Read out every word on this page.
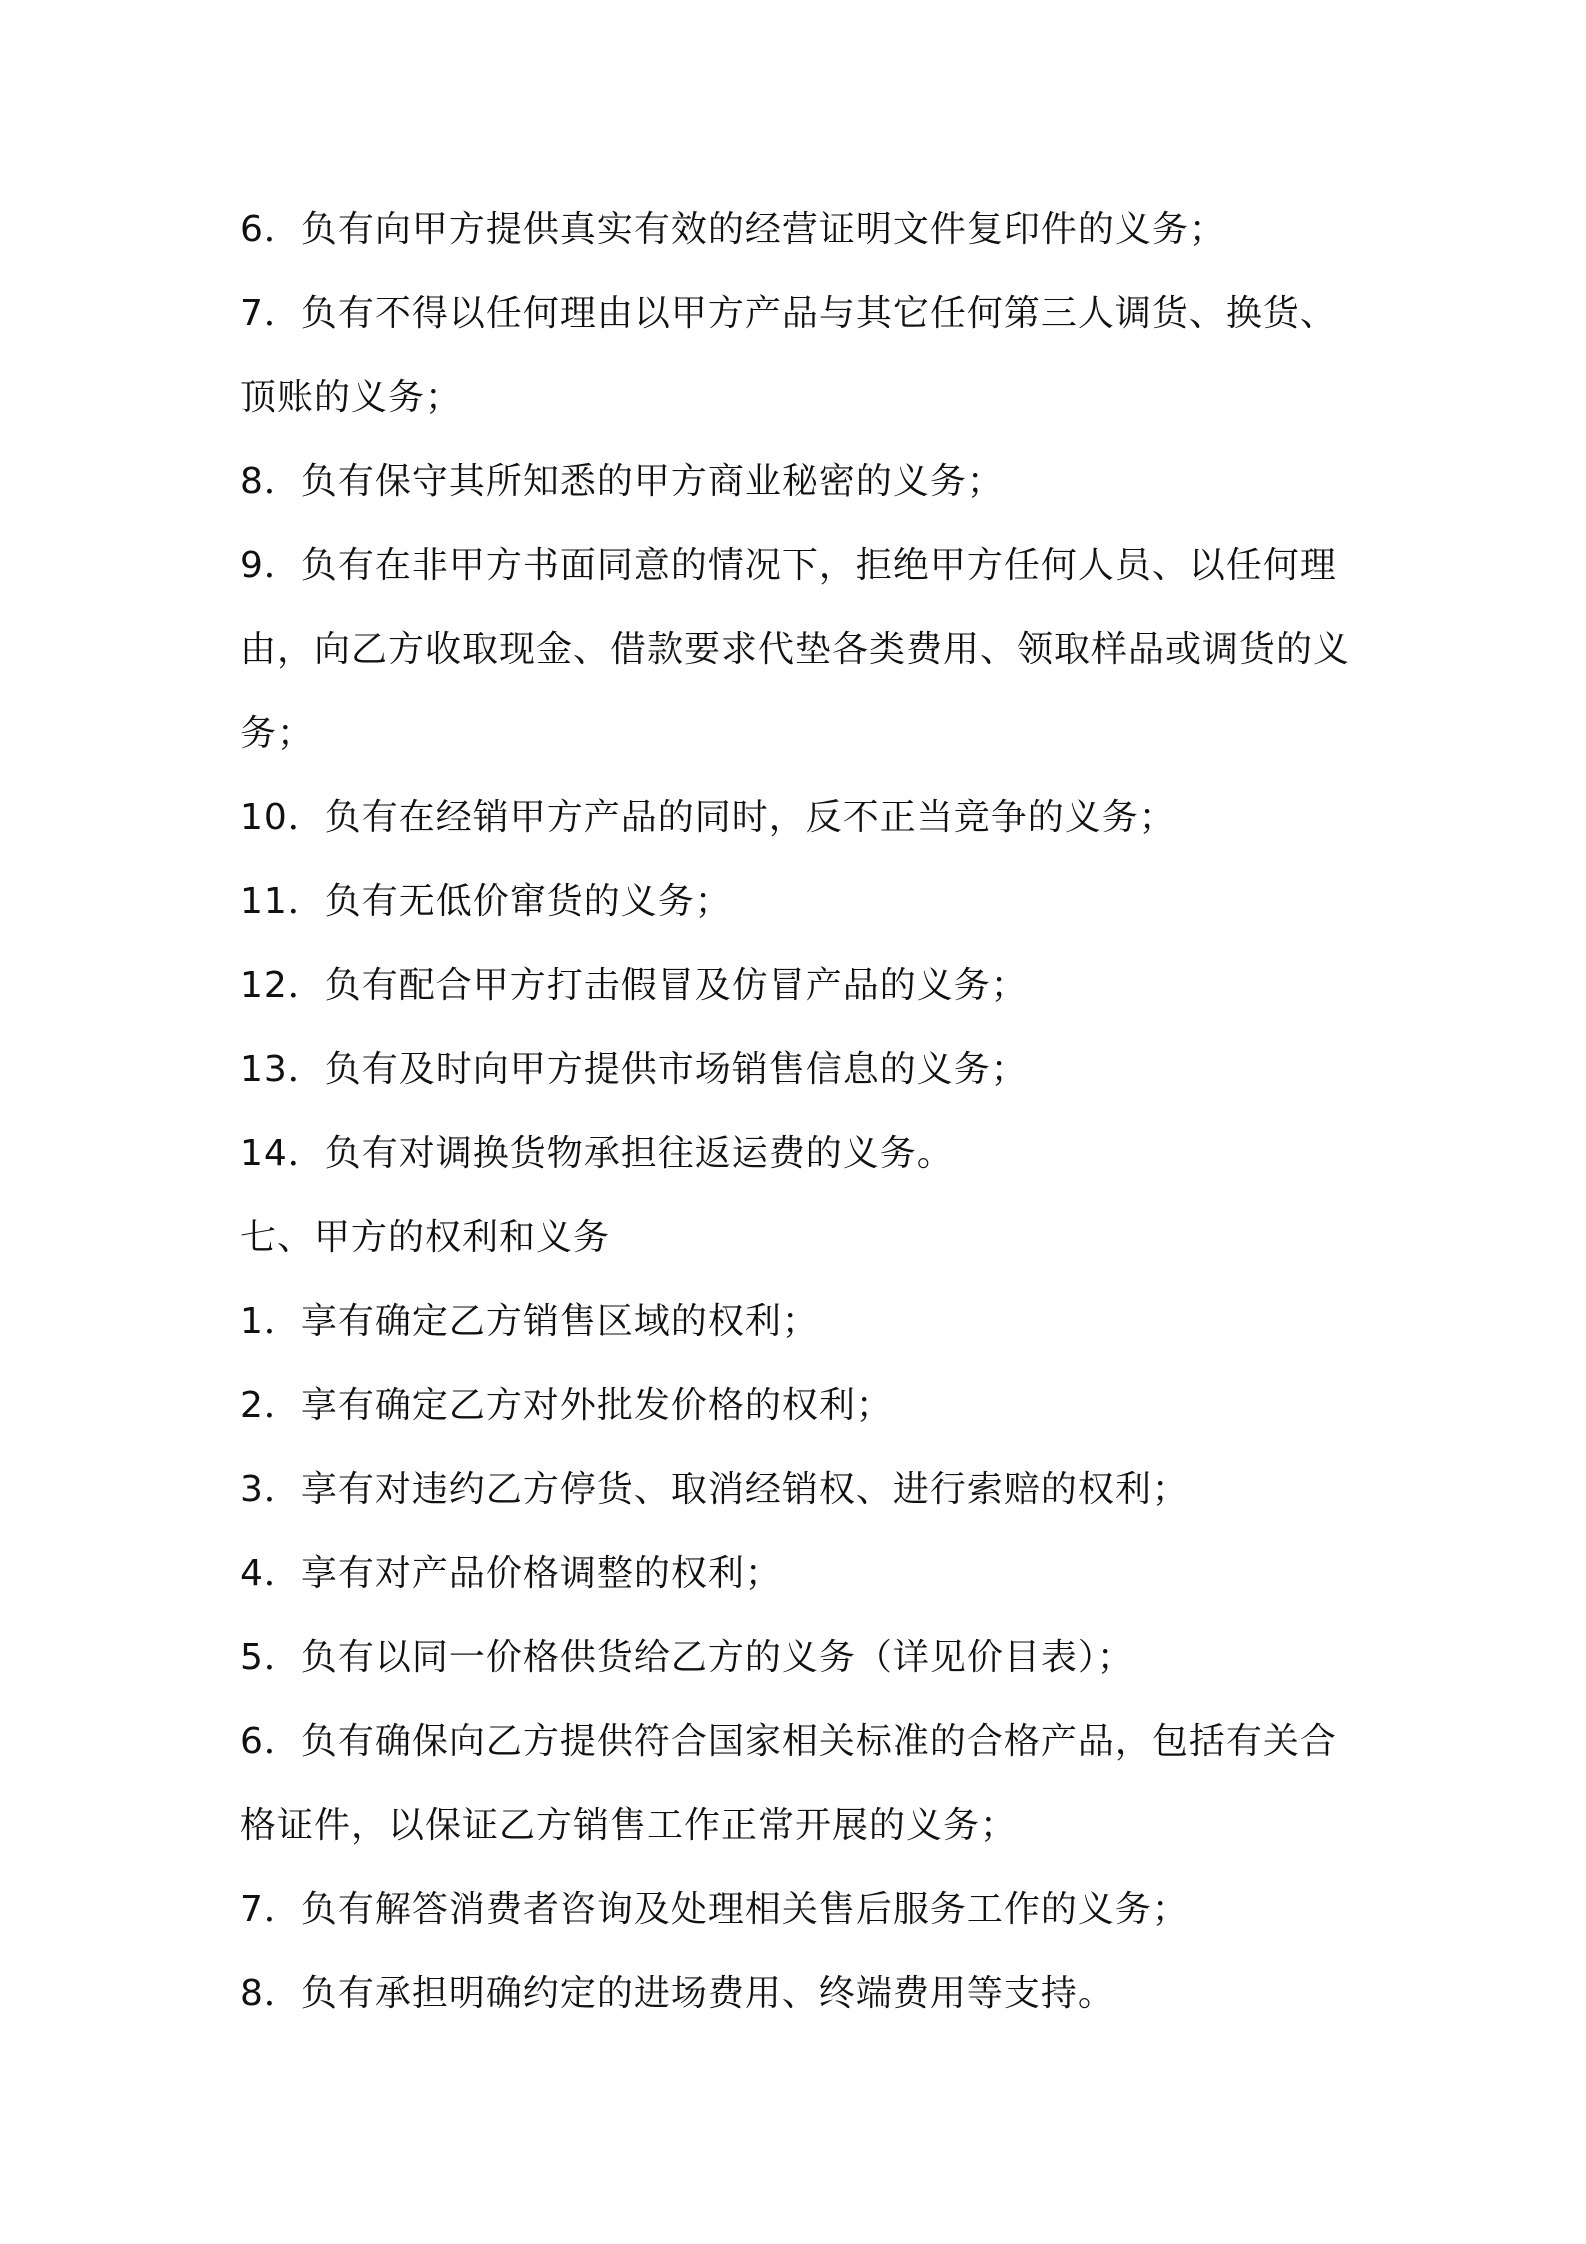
6．负有向甲方提供真实有效的经营证明文件复印件的义务；

7．负有不得以任何理由以甲方产品与其它任何第三人调货、换货、顶账的义务；

8．负有保守其所知悉的甲方商业秘密的义务；

9．负有在非甲方书面同意的情况下，拒绝甲方任何人员、以任何理由，向乙方收取现金、借款要求代垫各类费用、领取样品或调货的义务；

10．负有在经销甲方产品的同时，反不正当竞争的义务；

11．负有无低价窜货的义务；

12．负有配合甲方打击假冒及仿冒产品的义务；

13．负有及时向甲方提供市场销售信息的义务；

14．负有对调换货物承担往返运费的义务。

七、甲方的权利和义务

1．享有确定乙方销售区域的权利；

2．享有确定乙方对外批发价格的权利；

3．享有对违约乙方停货、取消经销权、进行索赔的权利；

4．享有对产品价格调整的权利；

5．负有以同一价格供货给乙方的义务（详见价目表）；

6．负有确保向乙方提供符合国家相关标准的合格产品，包括有关合格证件，以保证乙方销售工作正常开展的义务；

7．负有解答消费者咨询及处理相关售后服务工作的义务；

8．负有承担明确约定的进场费用、终端费用等支持。
